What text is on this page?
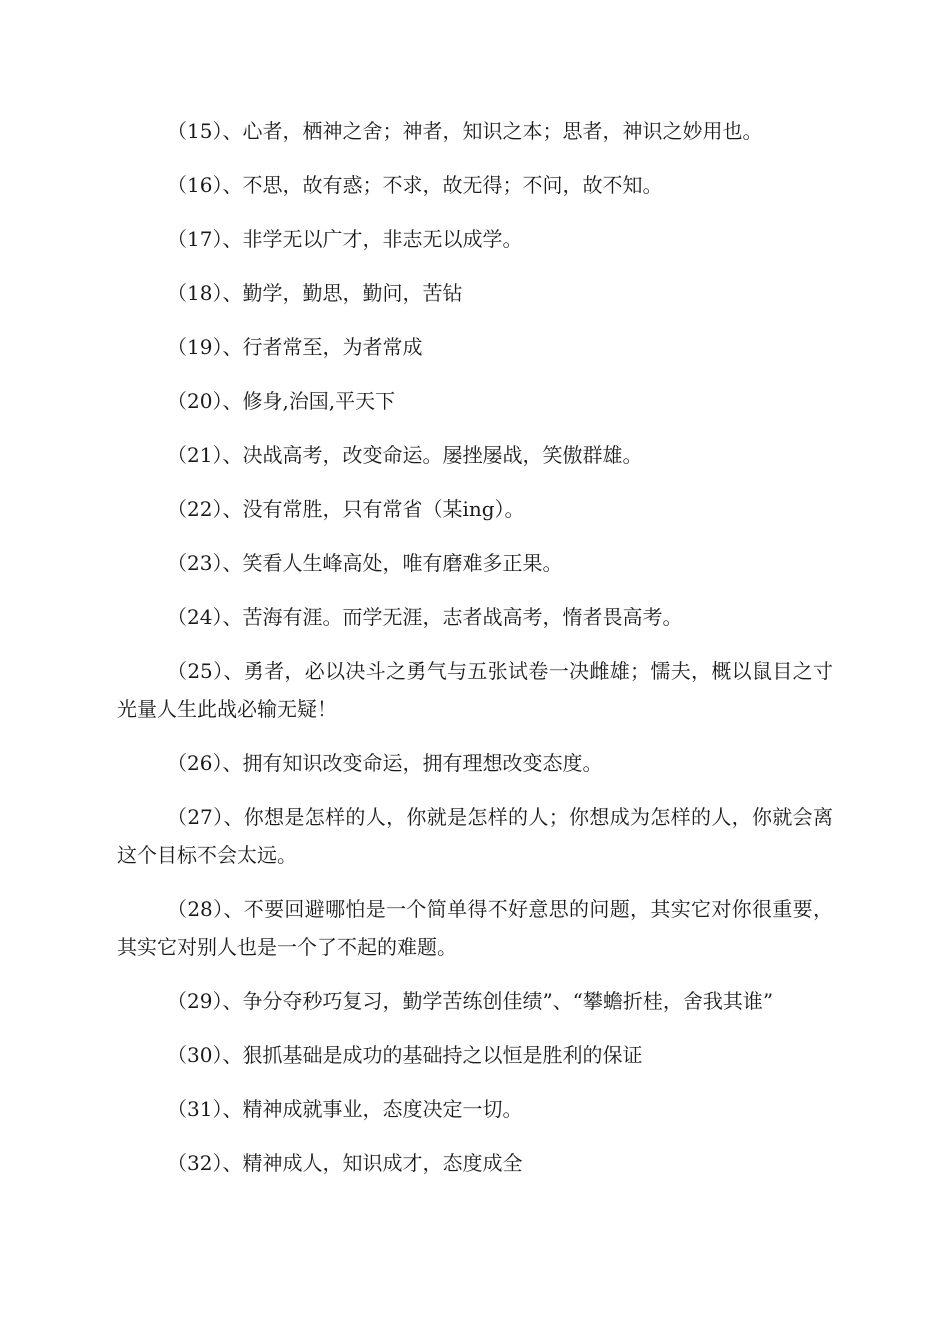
（15）、心者，栖神之舍；神者，知识之本；思者，神识之妙用也。

（16）、不思，故有惑；不求，故无得；不问，故不知。

（17）、非学无以广才，非志无以成学。

（18）、勤学，勤思，勤问，苦钻

（19）、行者常至，为者常成

（20）、修身,治国,平天下

（21）、决战高考，改变命运。屡挫屡战，笑傲群雄。

（22）、没有常胜，只有常省（某ing）。

（23）、笑看人生峰高处，唯有磨难多正果。

（24）、苦海有涯。而学无涯，志者战高考，惰者畏高考。

（25）、勇者，必以决斗之勇气与五张试卷一决雌雄；懦夫，概以鼠目之寸光量人生此战必输无疑！

（26）、拥有知识改变命运，拥有理想改变态度。

（27）、你想是怎样的人，你就是怎样的人；你想成为怎样的人，你就会离这个目标不会太远。

（28）、不要回避哪怕是一个简单得不好意思的问题，其实它对你很重要，其实它对别人也是一个了不起的难题。

（29）、争分夺秒巧复习，勤学苦练创佳绩”、“攀蟾折桂，舍我其谁”

（30）、狠抓基础是成功的基础持之以恒是胜利的保证

（31）、精神成就事业，态度决定一切。

（32）、精神成人，知识成才，态度成全
